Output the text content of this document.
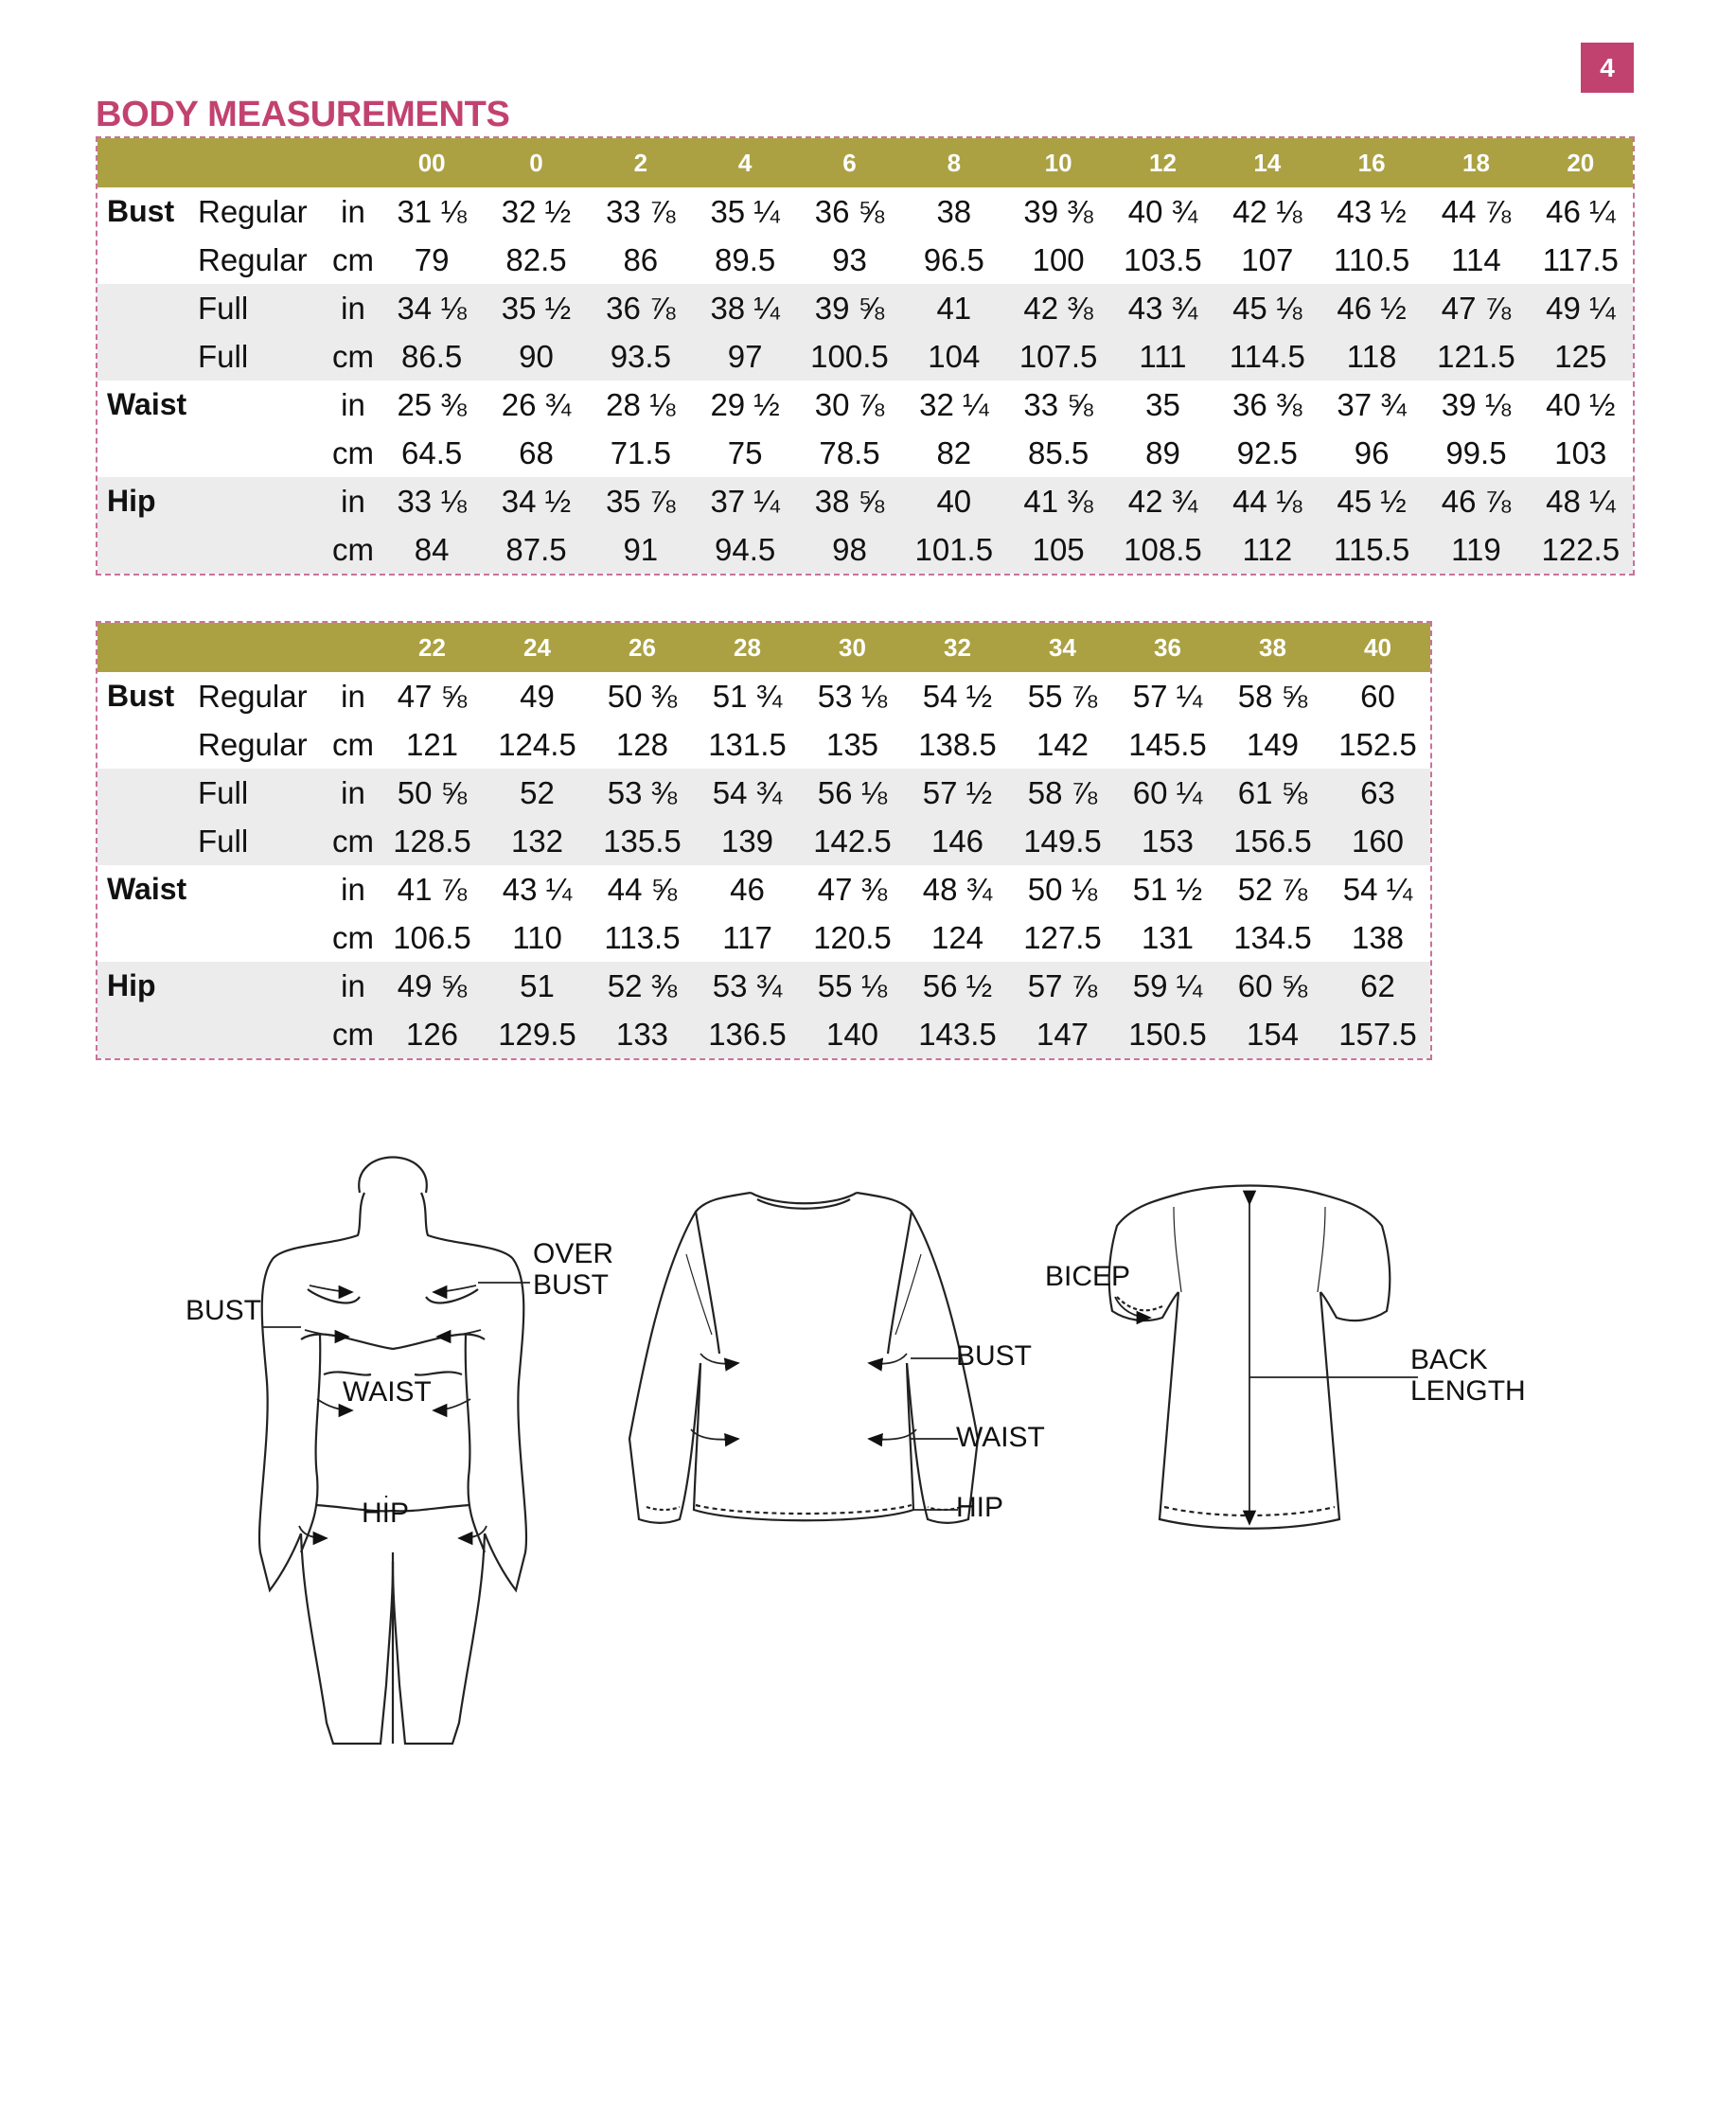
4
BODY MEASUREMENTS
			00	0	2	4	6	8	10	12	14	16	18	20
Bust	Regular	in	31 ⅛	32 ½	33 ⅞	35 ¼	36 ⅝	38	39 ⅜	40 ¾	42 ⅛	43 ½	44 ⅞	46 ¼
	Regular	cm	79	82.5	86	89.5	93	96.5	100	103.5	107	110.5	114	117.5
	Full	in	34 ⅛	35 ½	36 ⅞	38 ¼	39 ⅝	41	42 ⅜	43 ¾	45 ⅛	46 ½	47 ⅞	49 ¼
	Full	cm	86.5	90	93.5	97	100.5	104	107.5	111	114.5	118	121.5	125
Waist		in	25 ⅜	26 ¾	28 ⅛	29 ½	30 ⅞	32 ¼	33 ⅝	35	36 ⅜	37 ¾	39 ⅛	40 ½
		cm	64.5	68	71.5	75	78.5	82	85.5	89	92.5	96	99.5	103
Hip		in	33 ⅛	34 ½	35 ⅞	37 ¼	38 ⅝	40	41 ⅜	42 ¾	44 ⅛	45 ½	46 ⅞	48 ¼
		cm	84	87.5	91	94.5	98	101.5	105	108.5	112	115.5	119	122.5
			22	24	26	28	30	32	34	36	38	40
Bust	Regular	in	47 ⅝	49	50 ⅜	51 ¾	53 ⅛	54 ½	55 ⅞	57 ¼	58 ⅝	60
	Regular	cm	121	124.5	128	131.5	135	138.5	142	145.5	149	152.5
	Full	in	50 ⅝	52	53 ⅜	54 ¾	56 ⅛	57 ½	58 ⅞	60 ¼	61 ⅝	63
	Full	cm	128.5	132	135.5	139	142.5	146	149.5	153	156.5	160
Waist		in	41 ⅞	43 ¼	44 ⅝	46	47 ⅜	48 ¾	50 ⅛	51 ½	52 ⅞	54 ¼
		cm	106.5	110	113.5	117	120.5	124	127.5	131	134.5	138
Hip		in	49 ⅝	51	52 ⅜	53 ¾	55 ⅛	56 ½	57 ⅞	59 ¼	60 ⅝	62
		cm	126	129.5	133	136.5	140	143.5	147	150.5	154	157.5
OVER
BUST
BUST
WAIST
HIP
BUST
WAIST
HIP
BICEP
BACK
LENGTH
